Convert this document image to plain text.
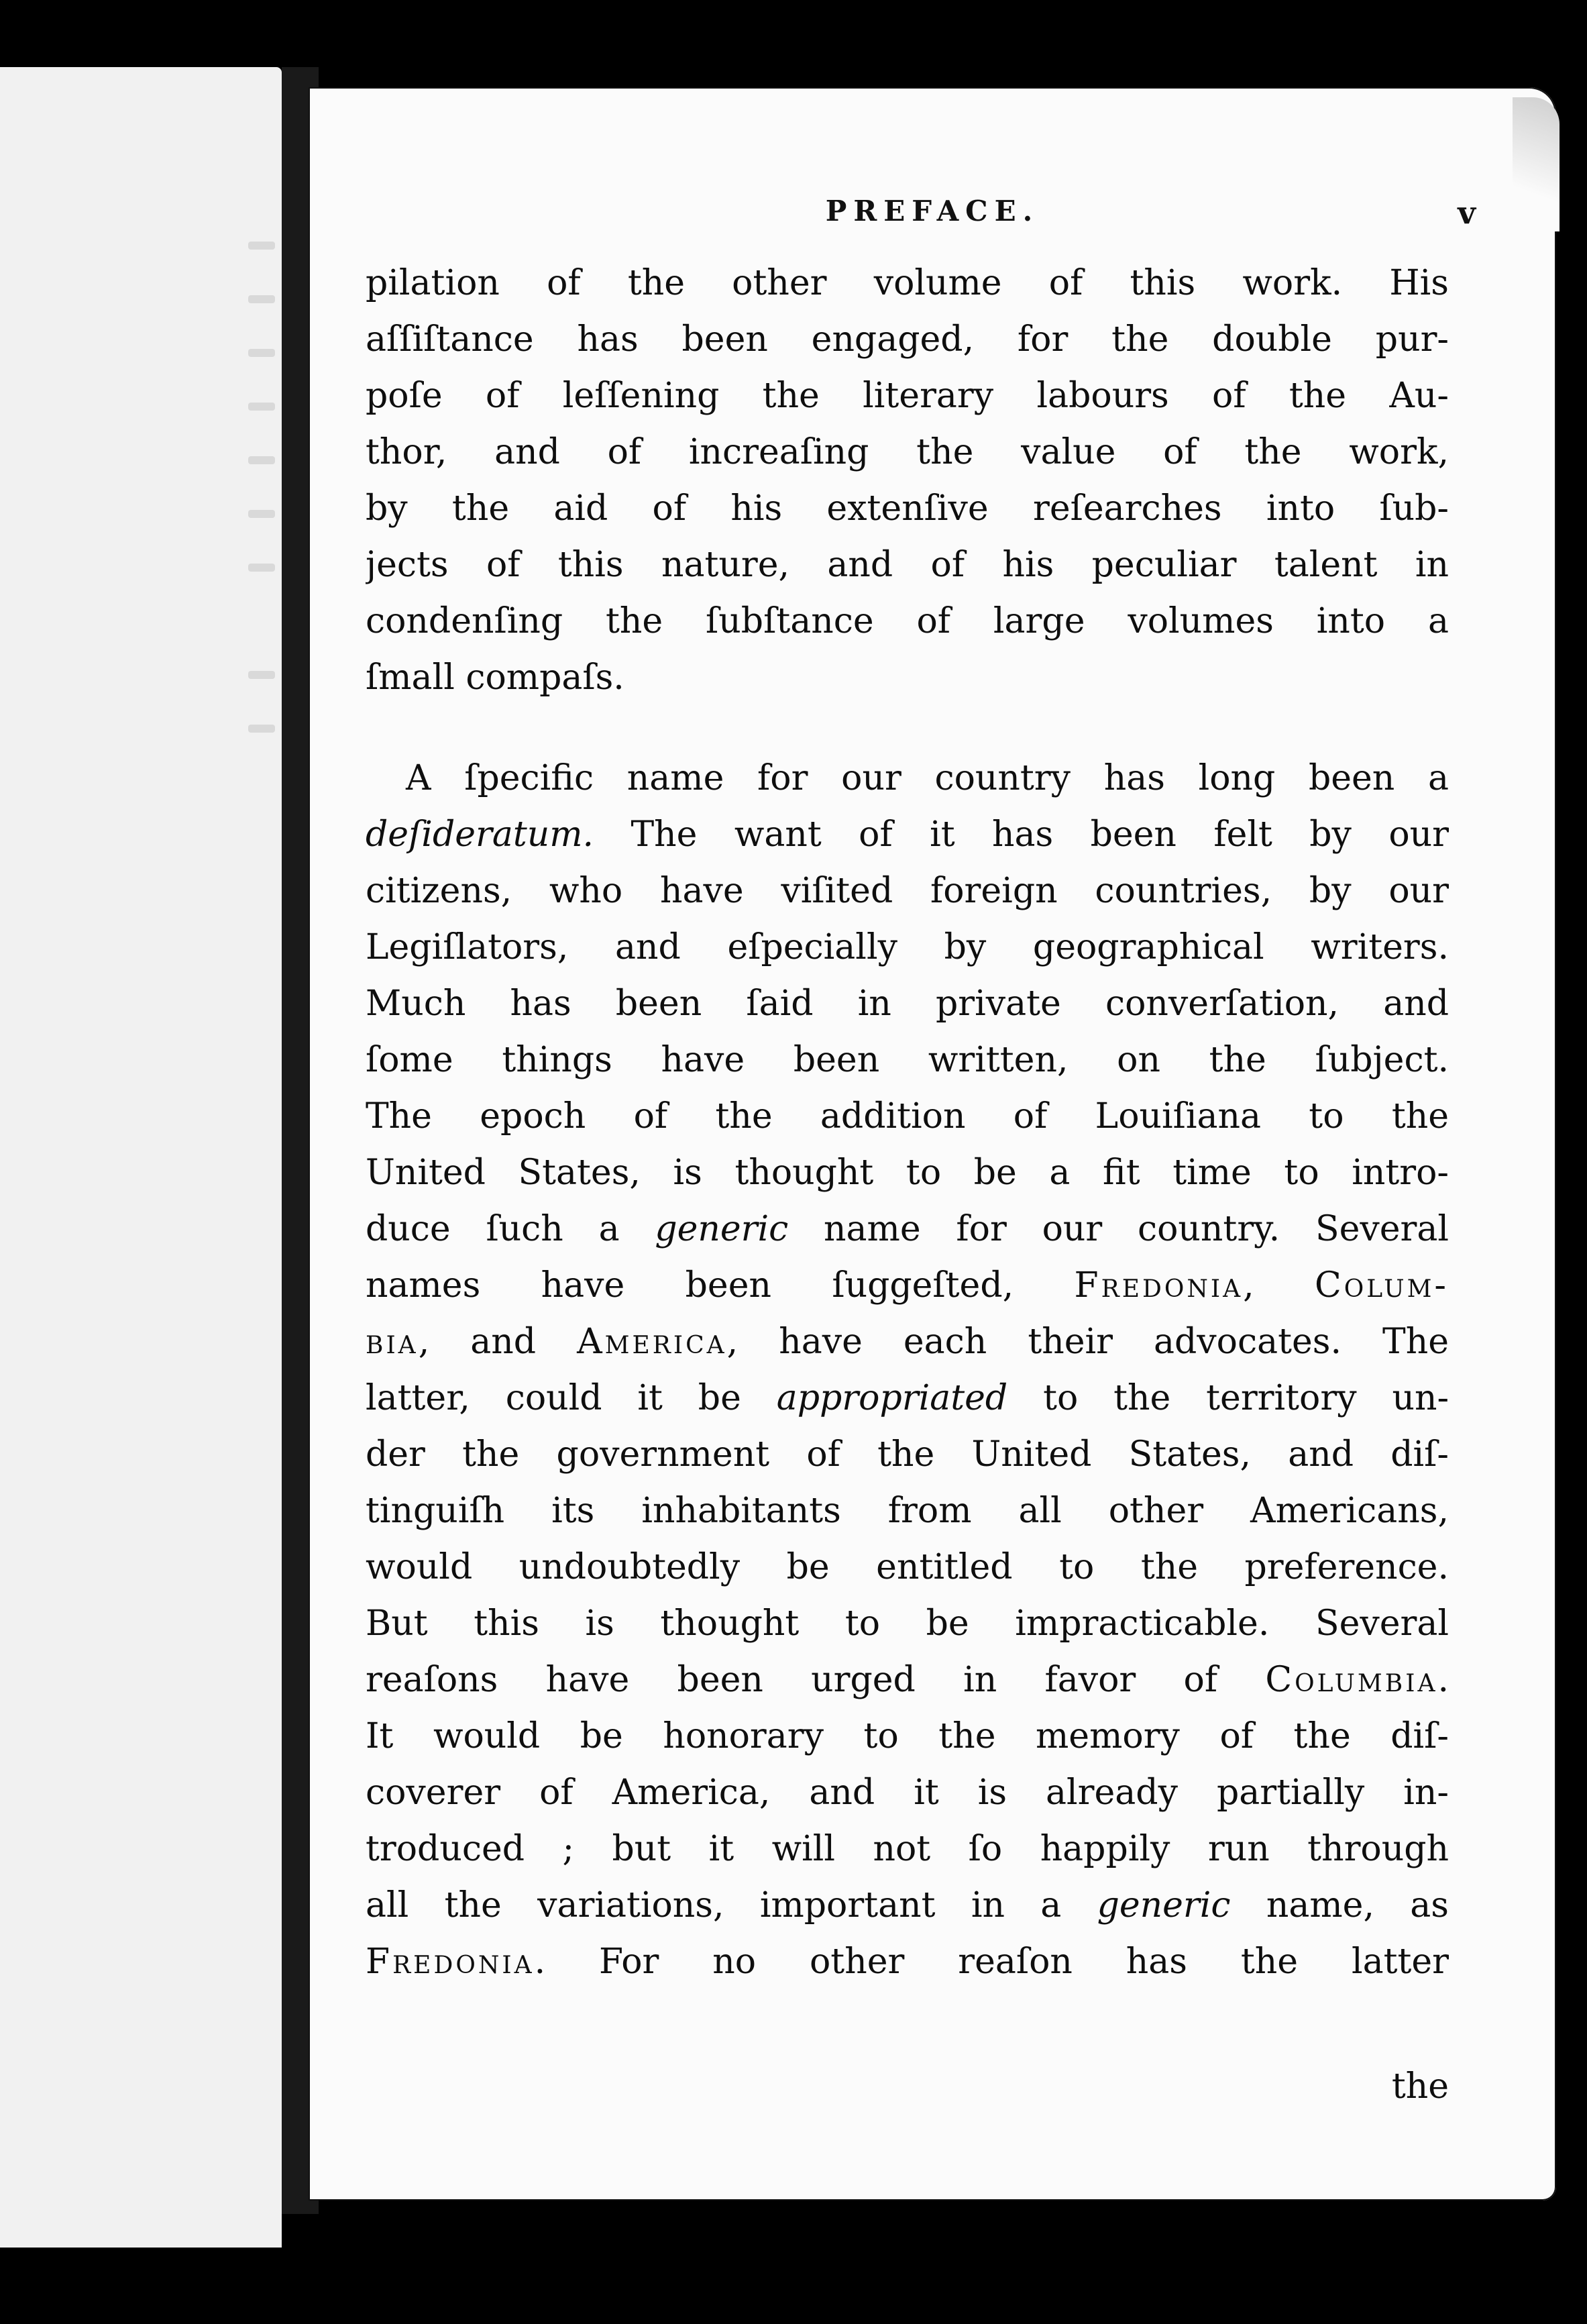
PREFACE.	v
pilation of the other volume of this work. His
aſſiſtance has been engaged, for the double pur-
poſe of leſſening the literary labours of the Au-
thor, and of increaſing the value of the work,
by the aid of his extenſive reſearches into ſub-
jects of this nature, and of his peculiar talent in
condenſing the ſubſtance of large volumes into a
ſmall compaſs.
A ſpecific name for our country has long been a
deſideratum. The want of it has been felt by our
citizens, who have viſited foreign countries, by our
Legiſlators, and eſpecially by geographical writers.
Much has been ſaid in private converſation, and
ſome things have been written, on the ſubject.
The epoch of the addition of Louiſiana to the
United States, is thought to be a fit time to intro-
duce ſuch a generic name for our country. Several
names have been ſuggeſted, Fredonia, Colum-
bia, and America, have each their advocates. The
latter, could it be appropriated to the territory un-
der the government of the United States, and diſ-
tinguiſh its inhabitants from all other Americans,
would undoubtedly be entitled to the preference.
But this is thought to be impracticable. Several
reaſons have been urged in favor of Columbia.
It would be honorary to the memory of the diſ-
coverer of America, and it is already partially in-
troduced ; but it will not ſo happily run through
all the variations, important in a generic name, as
Fredonia. For no other reaſon has the latter
the
